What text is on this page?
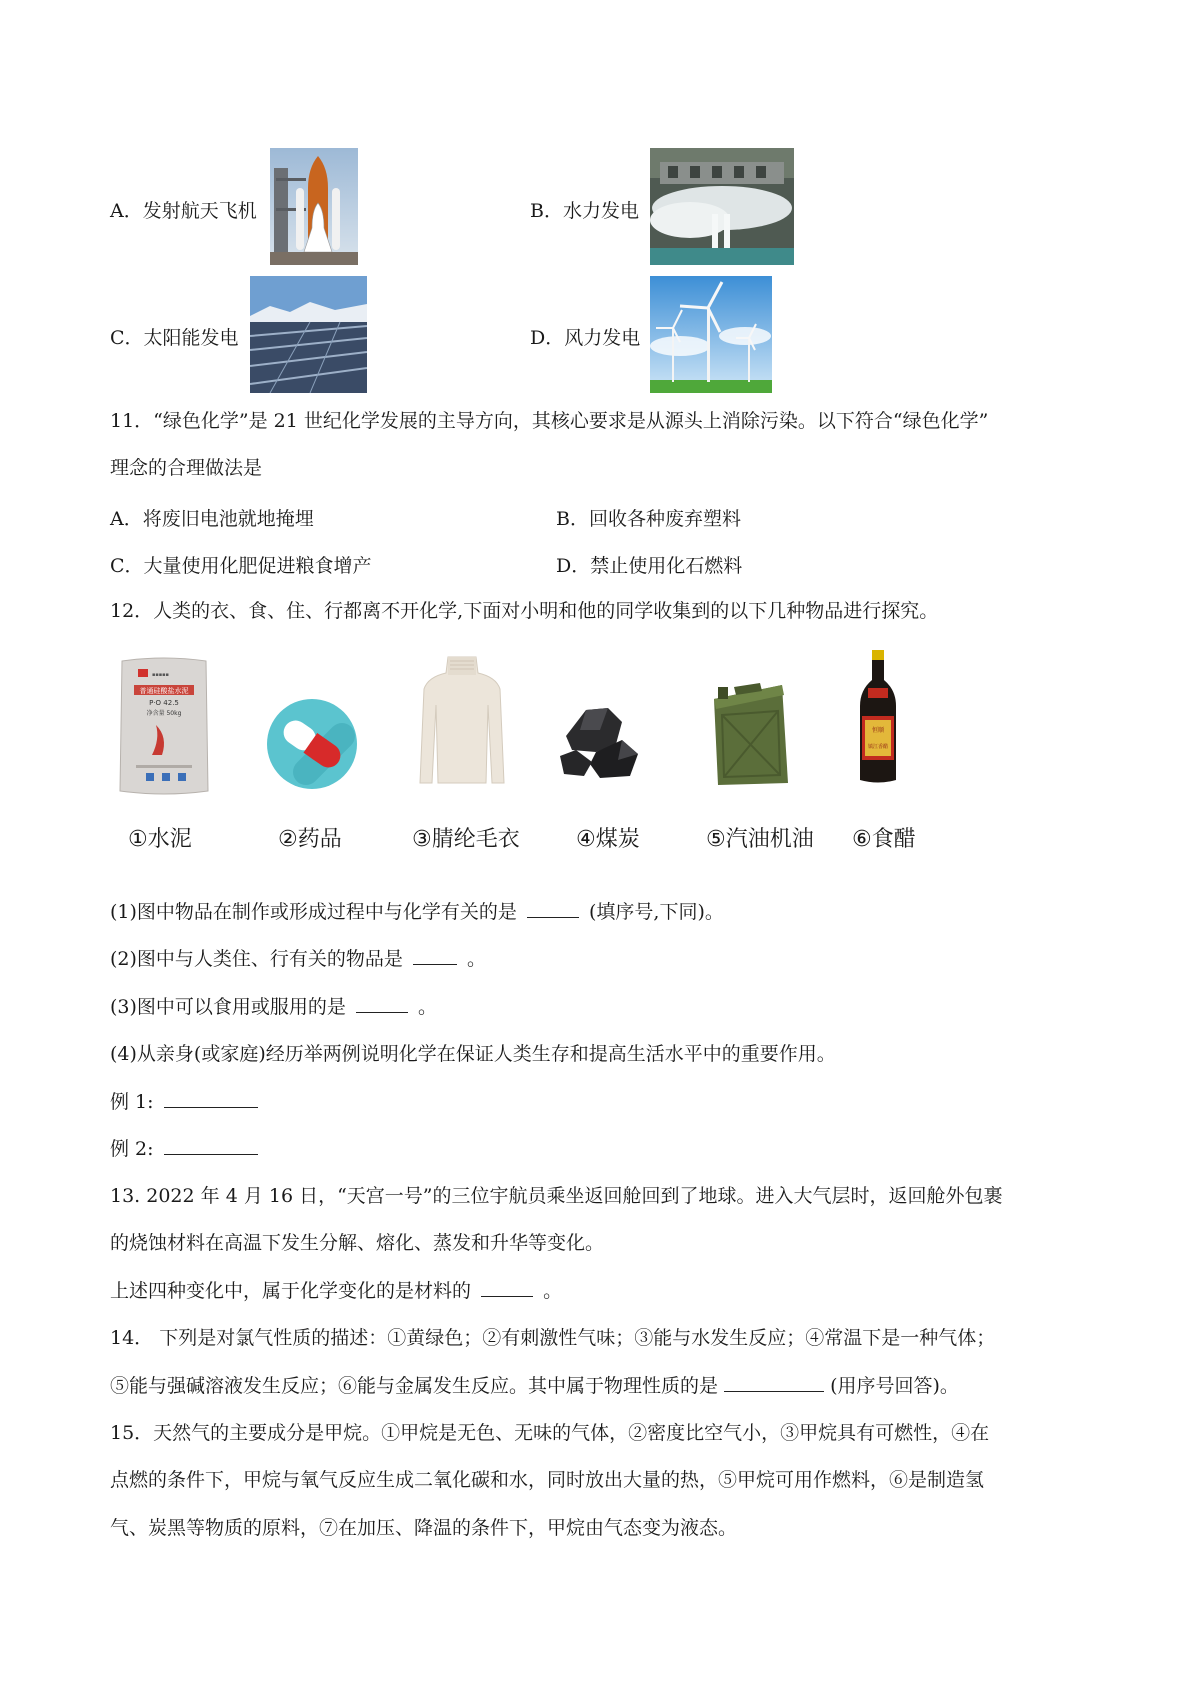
A．发射航天飞机	B．水力发电
C．太阳能发电	D．风力发电
11．“绿色化学”是 21 世纪化学发展的主导方向，其核心要求是从源头上消除污染。以下符合“绿色化学”
理念的合理做法是
A．将废旧电池就地掩埋	B．回收各种废弃塑料
C．大量使用化肥促进粮食增产	D．禁止使用化石燃料
12．人类的衣、食、住、行都离不开化学,下面对小明和他的同学收集到的以下几种物品进行探究。
▪▪▪▪▪
普通硅酸盐水泥
P·O 42.5
净含量 50kg
恒顺
镇江香醋
①水泥	②药品	③腈纶毛衣	④煤炭	⑤汽油机油 ⑥食醋
(1)图中物品在制作或形成过程中与化学有关的是	(填序号,下同)。
(2)图中与人类住、行有关的物品是	。
(3)图中可以食用或服用的是	。
(4)从亲身(或家庭)经历举两例说明化学在保证人类生存和提高生活水平中的重要作用。
例 1:
例 2:
13. 2022 年 4 月 16 日，“天宫一号”的三位宇航员乘坐返回舱回到了地球。进入大气层时，返回舱外包裹
的烧蚀材料在高温下发生分解、熔化、蒸发和升华等变化。
上述四种变化中，属于化学变化的是材料的	。
14． 下列是对氯气性质的描述：①黄绿色；②有刺激性气味；③能与水发生反应；④常温下是一种气体；
⑤能与强碱溶液发生反应；⑥能与金属发生反应。其中属于物理性质的是	(用序号回答)。
15．天然气的主要成分是甲烷。①甲烷是无色、无味的气体，②密度比空气小，③甲烷具有可燃性，④在
点燃的条件下，甲烷与氧气反应生成二氧化碳和水，同时放出大量的热，⑤甲烷可用作燃料，⑥是制造氢
气、炭黑等物质的原料，⑦在加压、降温的条件下，甲烷由气态变为液态。
